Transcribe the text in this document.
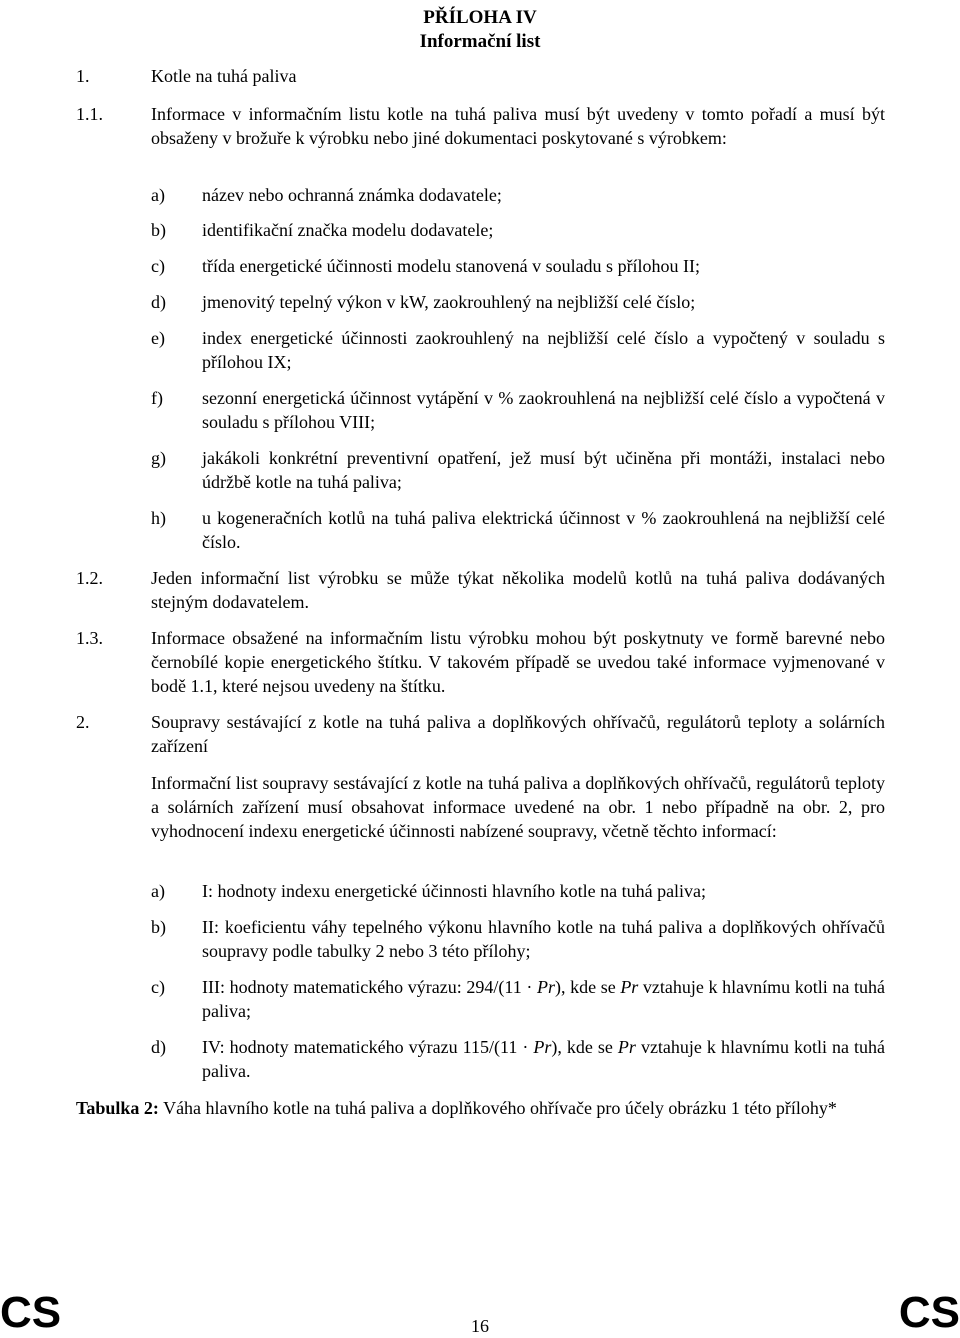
PŘÍLOHA IV
Informační list
1.	Kotle na tuhá paliva
1.1.	Informace v informačním listu kotle na tuhá paliva musí být uvedeny v tomto pořadí a musí být obsaženy v brožuře k výrobku nebo jiné dokumentaci poskytované s výrobkem:
a) název nebo ochranná známka dodavatele;
b) identifikační značka modelu dodavatele;
c) třída energetické účinnosti modelu stanovená v souladu s přílohou II;
d) jmenovitý tepelný výkon v kW, zaokrouhlený na nejbližší celé číslo;
e) index energetické účinnosti zaokrouhlený na nejbližší celé číslo a vypočtený v souladu s přílohou IX;
f) sezonní energetická účinnost vytápění v % zaokrouhlená na nejbližší celé číslo a vypočtená v souladu s přílohou VIII;
g) jakákoli konkrétní preventivní opatření, jež musí být učiněna při montáži, instalaci nebo údržbě kotle na tuhá paliva;
h) u kogeneračních kotlů na tuhá paliva elektrická účinnost v % zaokrouhlená na nejbližší celé číslo.
1.2.	Jeden informační list výrobku se může týkat několika modelů kotlů na tuhá paliva dodávaných stejným dodavatelem.
1.3.	Informace obsažené na informačním listu výrobku mohou být poskytnuty ve formě barevné nebo černobílé kopie energetického štítku. V takovém případě se uvedou také informace vyjmenované v bodě 1.1, které nejsou uvedeny na štítku.
2.	Soupravy sestávající z kotle na tuhá paliva a doplňkových ohřívačů, regulátorů teploty a solárních zařízení
Informační list soupravy sestávající z kotle na tuhá paliva a doplňkových ohřívačů, regulátorů teploty a solárních zařízení musí obsahovat informace uvedené na obr. 1 nebo případně na obr. 2, pro vyhodnocení indexu energetické účinnosti nabízené soupravy, včetně těchto informací:
a) I: hodnoty indexu energetické účinnosti hlavního kotle na tuhá paliva;
b) II: koeficientu váhy tepelného výkonu hlavního kotle na tuhá paliva a doplňkových ohřívačů soupravy podle tabulky 2 nebo 3 této přílohy;
c) III: hodnoty matematického výrazu: 294/(11 · Pr), kde se Pr vztahuje k hlavnímu kotli na tuhá paliva;
d) IV: hodnoty matematického výrazu 115/(11 · Pr), kde se Pr vztahuje k hlavnímu kotli na tuhá paliva.
Tabulka 2: Váha hlavního kotle na tuhá paliva a doplňkového ohřívače pro účely obrázku 1 této přílohy*
CS	16	CS
